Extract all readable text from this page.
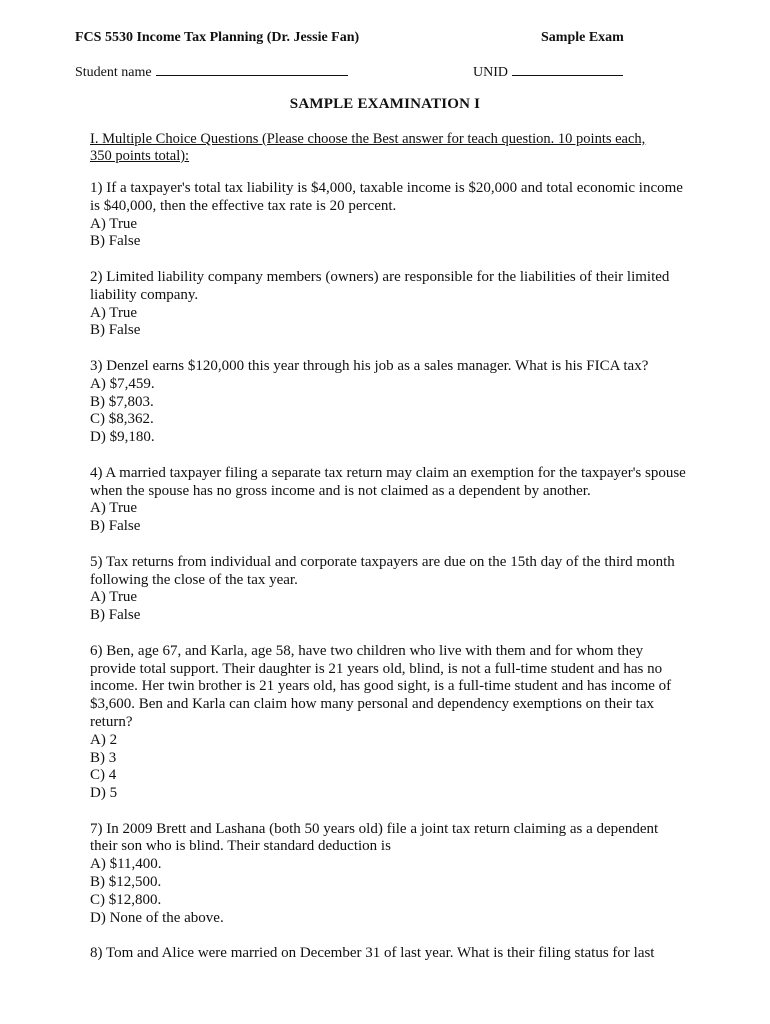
FCS 5530 Income Tax Planning (Dr. Jessie Fan)	Sample Exam
Student name	UNID
SAMPLE EXAMINATION I
I. Multiple Choice Questions (Please choose the Best answer for teach question. 10 points each, 350 points total):

1) If a taxpayer's total tax liability is $4,000, taxable income is $20,000 and total economic income is $40,000, then the effective tax rate is 20 percent.

A) True

B) False

2) Limited liability company members (owners) are responsible for the liabilities of their limited liability company.

A) True

B) False

3) Denzel earns $120,000 this year through his job as a sales manager. What is his FICA tax?

A) $7,459.

B) $7,803.

C) $8,362.

D) $9,180.

4) A married taxpayer filing a separate tax return may claim an exemption for the taxpayer's spouse when the spouse has no gross income and is not claimed as a dependent by another.

A) True

B) False

5) Tax returns from individual and corporate taxpayers are due on the 15th day of the third month following the close of the tax year.

A) True

B) False

6) Ben, age 67, and Karla, age 58, have two children who live with them and for whom they provide total support. Their daughter is 21 years old, blind, is not a full-time student and has no income. Her twin brother is 21 years old, has good sight, is a full-time student and has income of $3,600. Ben and Karla can claim how many personal and dependency exemptions on their tax return?

A) 2

B) 3

C) 4

D) 5

7) In 2009 Brett and Lashana (both 50 years old) file a joint tax return claiming as a dependent their son who is blind. Their standard deduction is

A) $11,400.

B) $12,500.

C) $12,800.

D) None of the above.

8) Tom and Alice were married on December 31 of last year. What is their filing status for last
